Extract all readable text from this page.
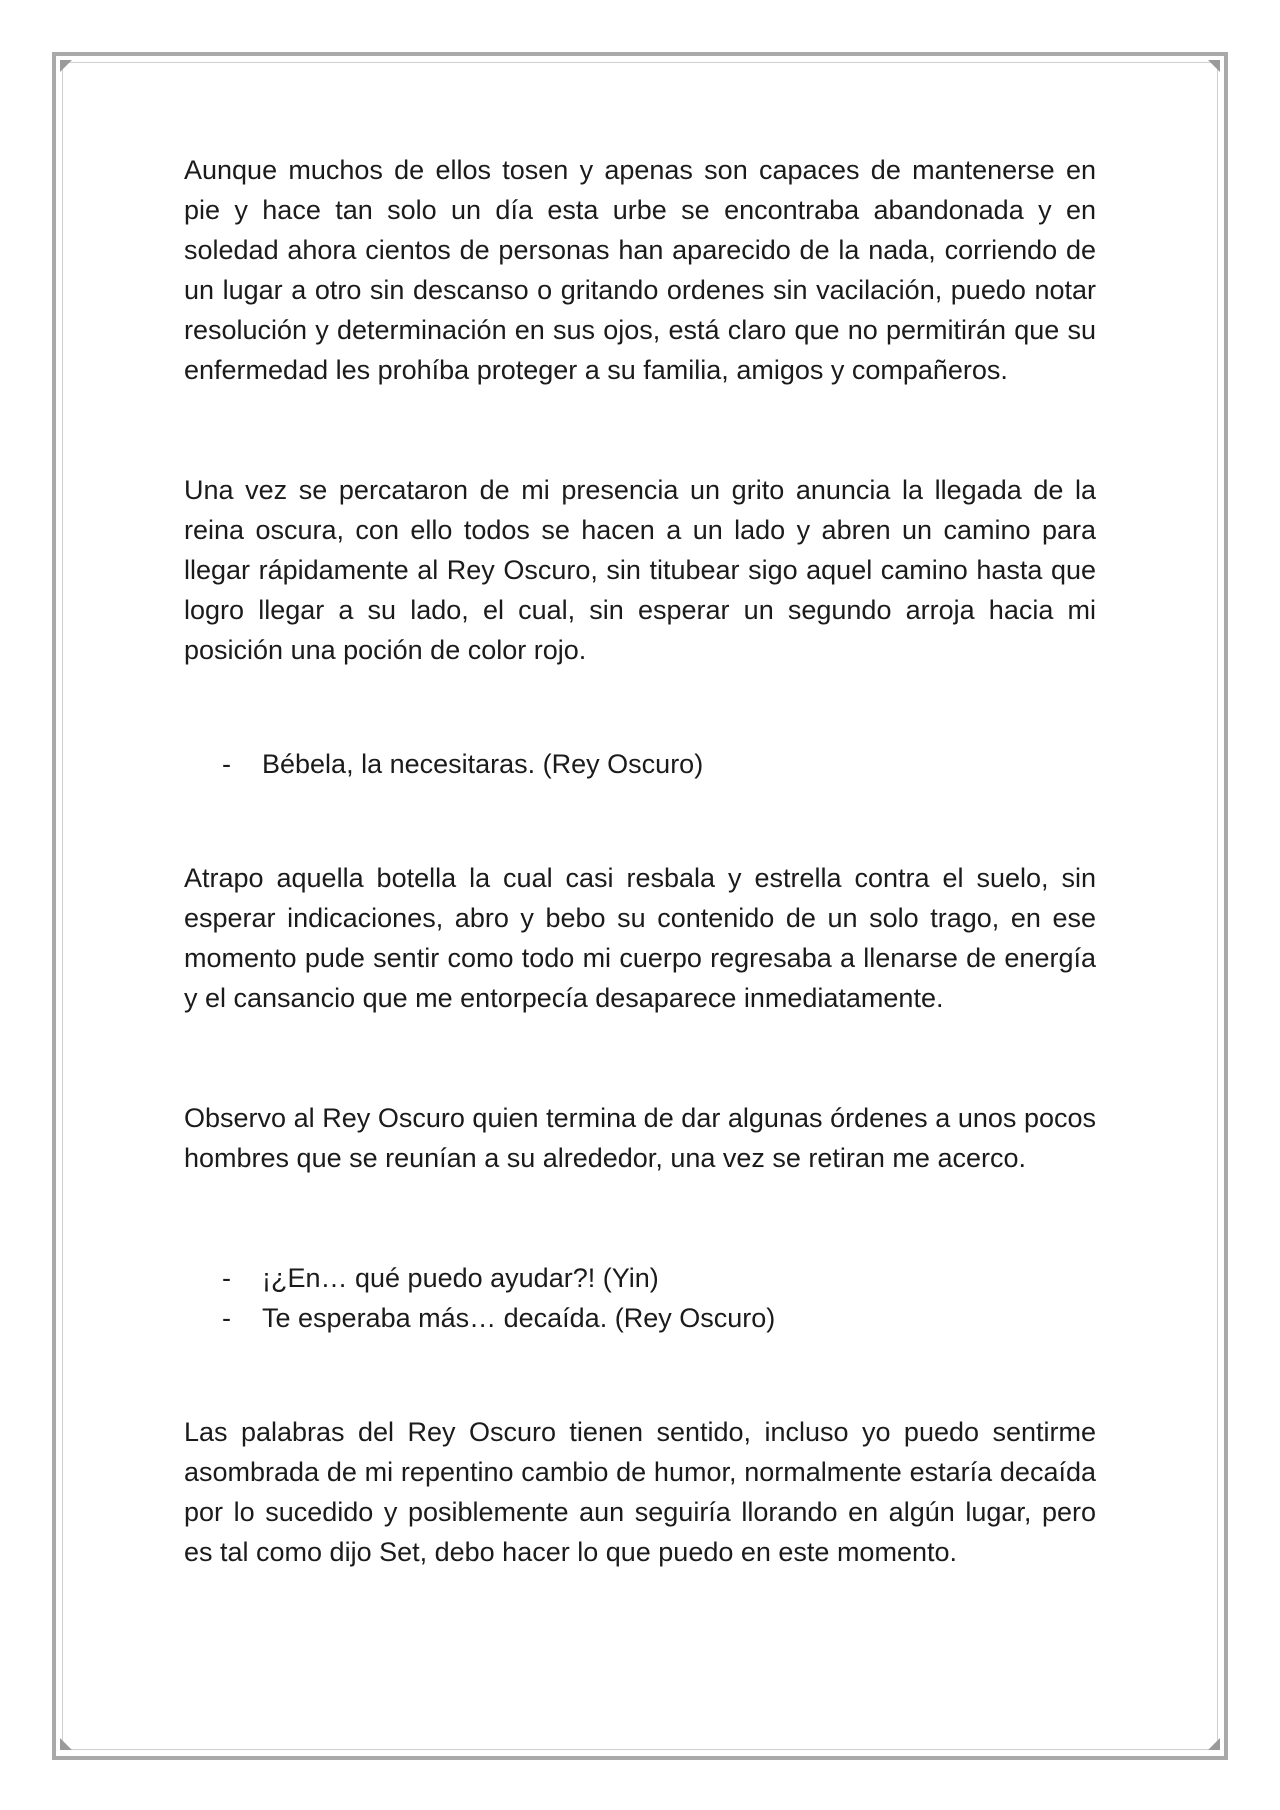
Aunque muchos de ellos tosen y apenas son capaces de mantenerse en pie y hace tan solo un día esta urbe se encontraba abandonada y en soledad ahora cientos de personas han aparecido de la nada, corriendo de un lugar a otro sin descanso o gritando ordenes sin vacilación, puedo notar resolución y determinación en sus ojos, está claro que no permitirán que su enfermedad les prohíba proteger a su familia, amigos y compañeros.

Una vez se percataron de mi presencia un grito anuncia la llegada de la reina oscura, con ello todos se hacen a un lado y abren un camino para llegar rápidamente al Rey Oscuro, sin titubear sigo aquel camino hasta que logro llegar a su lado, el cual, sin esperar un segundo arroja hacia mi posición una poción de color rojo.

- Bébela, la necesitaras. (Rey Oscuro)

Atrapo aquella botella la cual casi resbala y estrella contra el suelo, sin esperar indicaciones, abro y bebo su contenido de un solo trago, en ese momento pude sentir como todo mi cuerpo regresaba a llenarse de energía y el cansancio que me entorpecía desaparece inmediatamente.

Observo al Rey Oscuro quien termina de dar algunas órdenes a unos pocos hombres que se reunían a su alrededor, una vez se retiran me acerco.

- ¡¿En… qué puedo ayudar?! (Yin)
- Te esperaba más… decaída. (Rey Oscuro)

Las palabras del Rey Oscuro tienen sentido, incluso yo puedo sentirme asombrada de mi repentino cambio de humor, normalmente estaría decaída por lo sucedido y posiblemente aun seguiría llorando en algún lugar, pero es tal como dijo Set, debo hacer lo que puedo en este momento.
